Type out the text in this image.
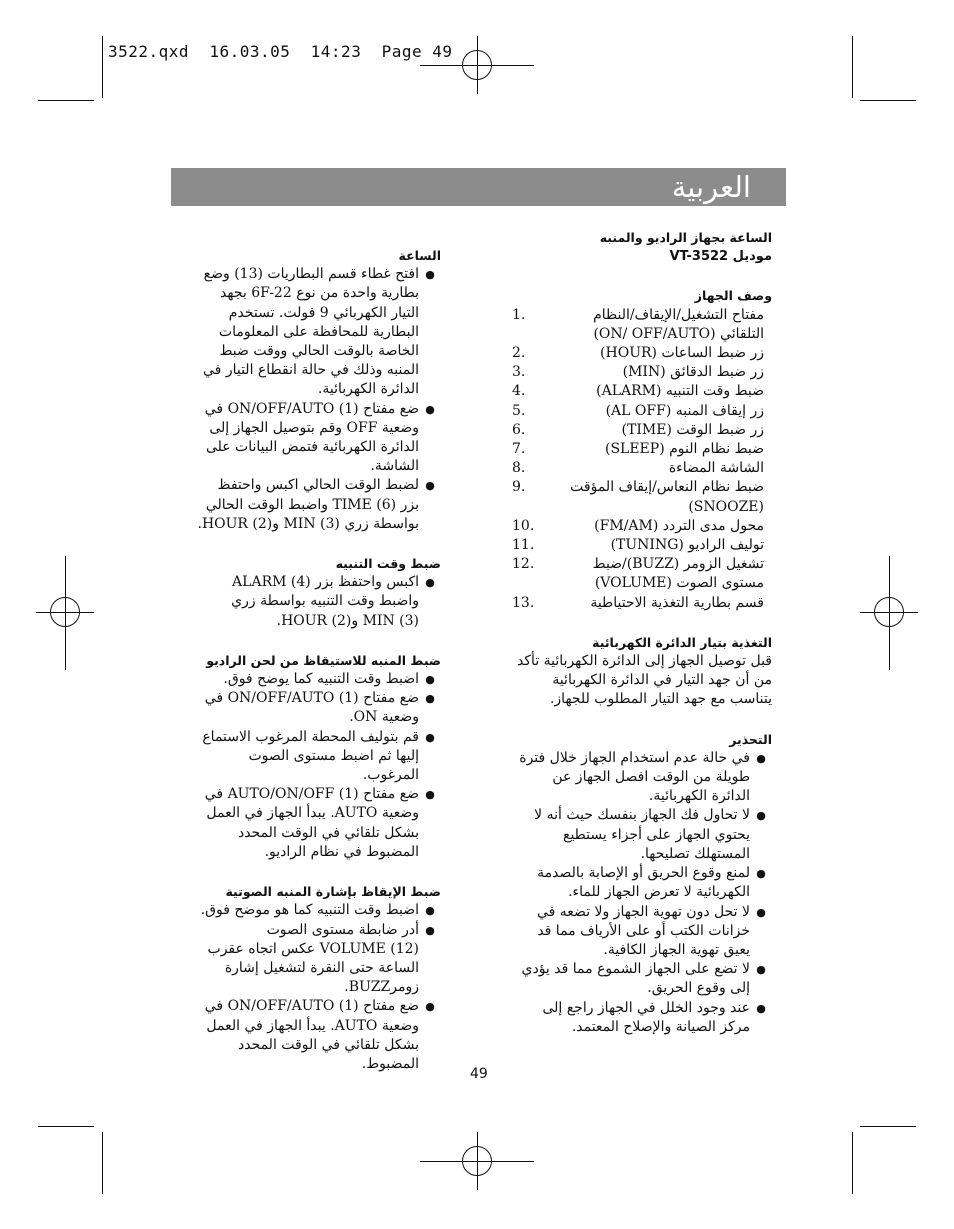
3522.qxd  16.03.05  14:23  Page 49
العربية

الساعة بجهاز الراديو والمنبه

موديل VT-3522

وصف الجهاز

مفتاح التشغيل/الإيقاف/النظام التلقائي (ON/ OFF/AUTO)
1.
زر ضبط الساعات (HOUR)
2.
زر ضبط الدقائق (MIN)
3.
ضبط وقت التنبيه (ALARM)
4.
زر إيقاف المنبه (AL OFF)
5.
زر ضبط الوقت (TIME)
6.
ضبط نظام النوم (SLEEP)
7.
الشاشة المضاءة
8.
ضبط نظام النعاس/إيقاف المؤقت (SNOOZE)
9.
محول مدى التردد (FM/AM)
10.
توليف الراديو (TUNING)
11.
تشغيل الزومر (BUZZ)/ضبط مستوى الصوت (VOLUME)
12.
قسم بطارية التغذية الاحتياطية
13.

التغذية بتيار الدائرة الكهربائية

قبل توصيل الجهاز إلى الدائرة الكهربائية تأكد من أن جهد التيار في الدائرة الكهربائية يتناسب مع جهد التيار المطلوب للجهاز.

التحذير

●
في حالة عدم استخدام الجهاز خلال فترة طويلة من الوقت افصل الجهاز عن الدائرة الكهربائية.
●
لا تحاول فك الجهاز بنفسك حيث أنه لا يحتوي الجهاز على أجزاء يستطيع المستهلك تصليحها.
●
لمنع وقوع الحريق أو الإصابة بالصدمة الكهربائية لا تعرض الجهاز للماء.
●
لا تحل دون تهوية الجهاز ولا تضعه في خزانات الكتب أو على الأرياف مما قد يعيق تهوية الجهاز الكافية.
●
لا تضع على الجهاز الشموع مما قد يؤدي إلى وقوع الحريق.
●
عند وجود الخلل في الجهاز راجع إلى مركز الصيانة والإصلاح المعتمد.

الساعة

●
افتح غطاء قسم البطاريات (13) وضع بطارية واحدة من نوع 6F-22 بجهد التيار الكهربائي 9 فولت. تستخدم البطارية للمحافظة على المعلومات الخاصة بالوقت الحالي ووقت ضبط المنبه وذلك في حالة انقطاع التيار في الدائرة الكهربائية.
●
ضع مفتاح ON/OFF/AUTO (1) في وضعية OFF وقم بتوصيل الجهاز إلى الدائرة الكهربائية فتمض البيانات على الشاشة.
●
لضبط الوقت الحالي اكبس واحتفظ بزر TIME (6) واضبط الوقت الحالي بواسطة زري MIN (3) وHOUR (2).

ضبط وقت التنبيه

●
اكبس واحتفظ بزر ALARM (4) واضبط وقت التنبيه بواسطة زري MIN (3) وHOUR (2).

ضبط المنبه للاستيقاظ من لحن الراديو

●
اضبط وقت التنبيه كما يوضح فوق.
●
ضع مفتاح ON/OFF/AUTO (1) في وضعية ON.
●
قم بتوليف المحطة المرغوب الاستماع إليها ثم اضبط مستوى الصوت المرغوب.
●
ضع مفتاح AUTO/ON/OFF (1) في وضعية AUTO. يبدأ الجهاز في العمل بشكل تلقائي في الوقت المحدد المضبوط في نظام الراديو.

ضبط الإيقاظ بإشارة المنبه الصوتية

●
اضبط وقت التنبيه كما هو موضح فوق.
●
أدر ضابطة مستوى الصوت VOLUME (12) عكس اتجاه عقرب الساعة حتى النقرة لتشغيل إشارة زومرBUZZ.
●
ضع مفتاح ON/OFF/AUTO (1) في وضعية AUTO. يبدأ الجهاز في العمل بشكل تلقائي في الوقت المحدد المضبوط.
49
